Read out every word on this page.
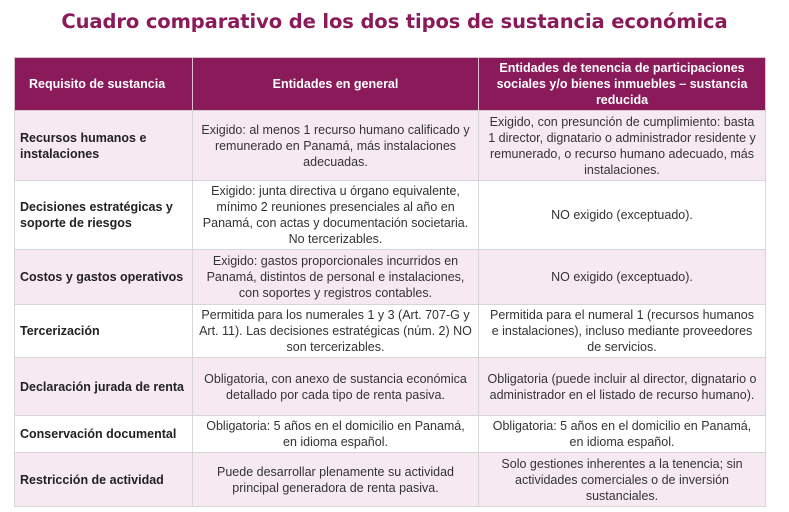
Cuadro comparativo de los dos tipos de sustancia económica
Requisito de sustancia	Entidades en general	Entidades de tenencia de participaciones sociales y/o bienes inmuebles – sustancia reducida
Recursos humanos e instalaciones	Exigido: al menos 1 recurso humano calificado y remunerado en Panamá, más instalaciones adecuadas.	Exigido, con presunción de cumplimiento: basta 1 director, dignatario o administrador residente y remunerado, o recurso humano adecuado, más instalaciones.
Decisiones estratégicas y soporte de riesgos	Exigido: junta directiva u órgano equivalente, mínimo 2 reuniones presenciales al año en Panamá, con actas y documentación societaria. No tercerizables.	NO exigido (exceptuado).
Costos y gastos operativos	Exigido: gastos proporcionales incurridos en Panamá, distintos de personal e instalaciones, con soportes y registros contables.	NO exigido (exceptuado).
Tercerización	Permitida para los numerales 1 y 3 (Art. 707-G y Art. 11). Las decisiones estratégicas (núm. 2) NO son tercerizables.	Permitida para el numeral 1 (recursos humanos e instalaciones), incluso mediante proveedores de servicios.
Declaración jurada de renta	Obligatoria, con anexo de sustancia económica detallado por cada tipo de renta pasiva.	Obligatoria (puede incluir al director, dignatario o administrador en el listado de recurso humano).
Conservación documental	Obligatoria: 5 años en el domicilio en Panamá, en idioma español.	Obligatoria: 5 años en el domicilio en Panamá, en idioma español.
Restricción de actividad	Puede desarrollar plenamente su actividad principal generadora de renta pasiva.	Solo gestiones inherentes a la tenencia; sin actividades comerciales o de inversión sustanciales.
